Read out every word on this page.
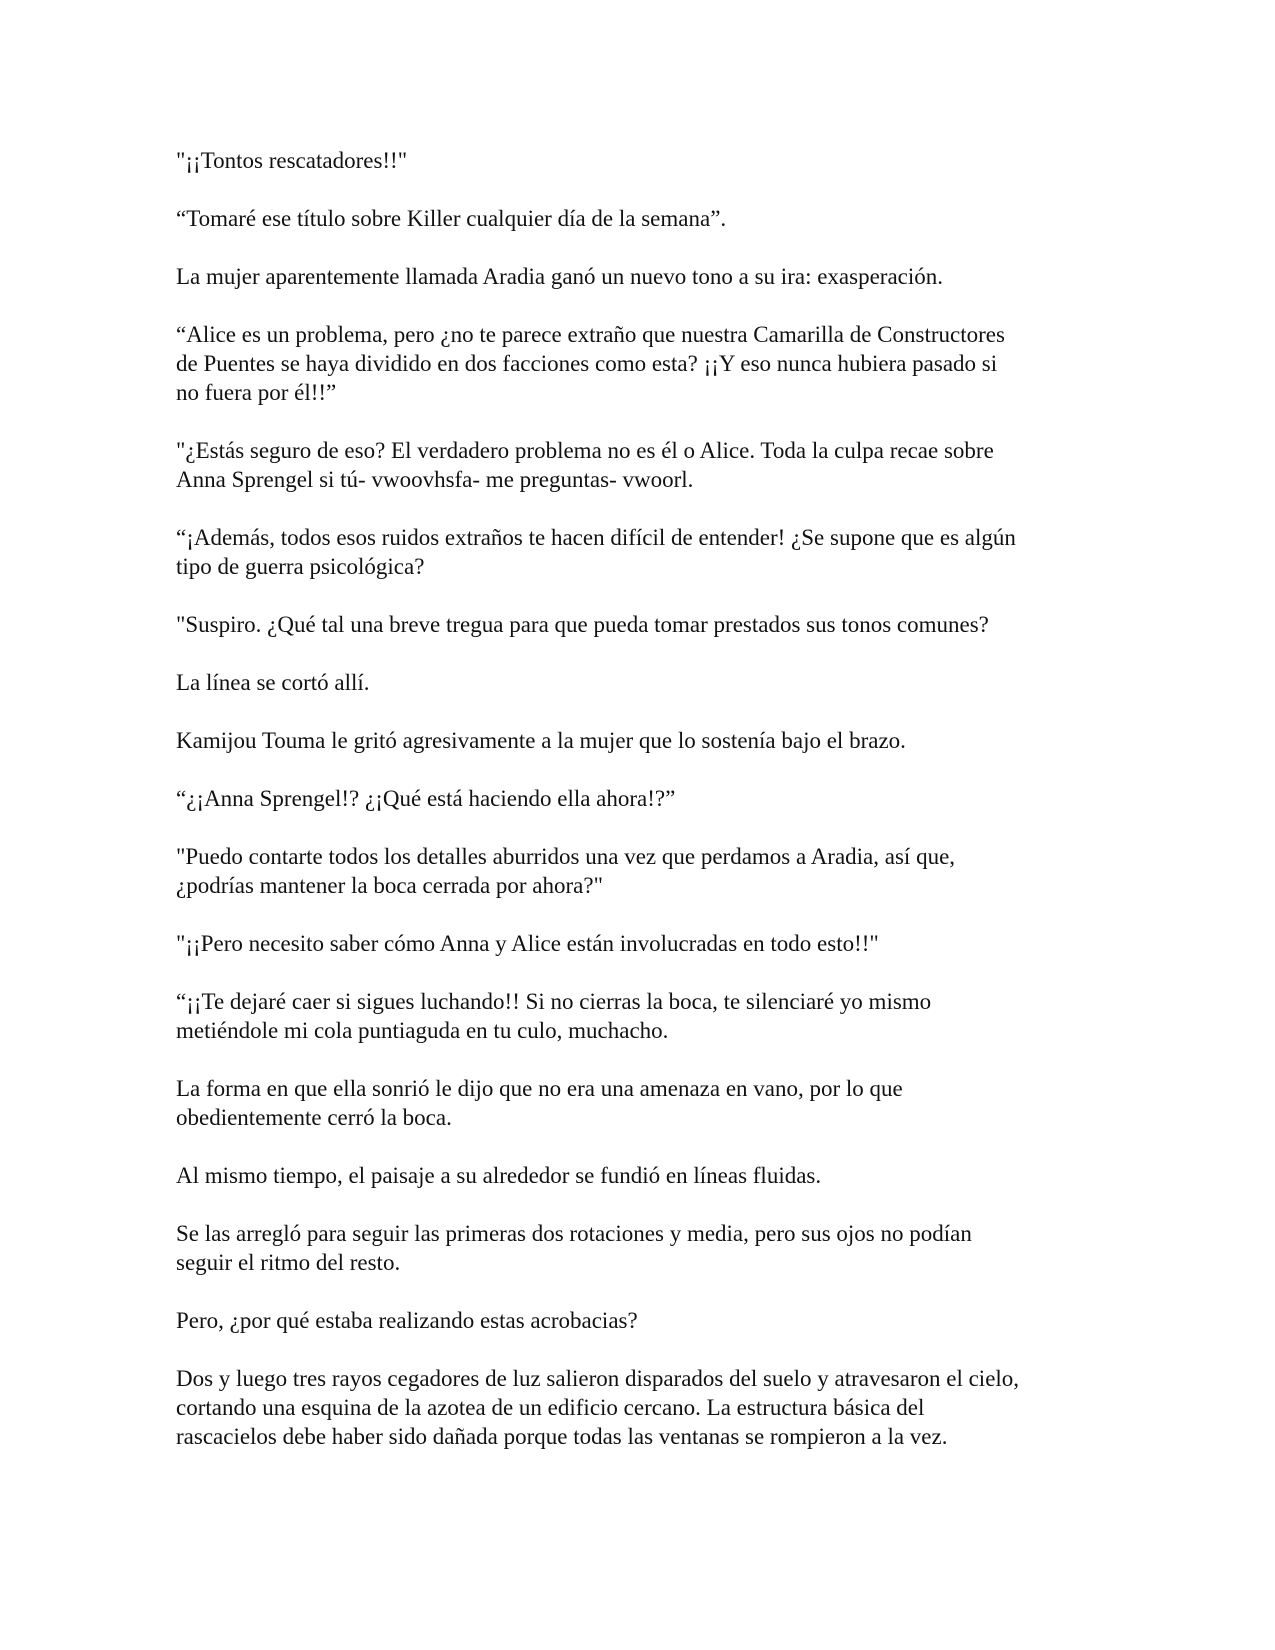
"¡¡Tontos rescatadores!!"

“Tomaré ese título sobre Killer cualquier día de la semana”.

La mujer aparentemente llamada Aradia ganó un nuevo tono a su ira: exasperación.

“Alice es un problema, pero ¿no te parece extraño que nuestra Camarilla de Constructores
de Puentes se haya dividido en dos facciones como esta? ¡¡Y eso nunca hubiera pasado si
no fuera por él!!”

"¿Estás seguro de eso? El verdadero problema no es él o Alice. Toda la culpa recae sobre
Anna Sprengel si tú- vwoovhsfa- me preguntas- vwoorl.

“¡Además, todos esos ruidos extraños te hacen difícil de entender! ¿Se supone que es algún
tipo de guerra psicológica?

"Suspiro. ¿Qué tal una breve tregua para que pueda tomar prestados sus tonos comunes?

La línea se cortó allí.

Kamijou Touma le gritó agresivamente a la mujer que lo sostenía bajo el brazo.

“¿¡Anna Sprengel!? ¿¡Qué está haciendo ella ahora!?”

"Puedo contarte todos los detalles aburridos una vez que perdamos a Aradia, así que,
¿podrías mantener la boca cerrada por ahora?"

"¡¡Pero necesito saber cómo Anna y Alice están involucradas en todo esto!!"

“¡¡Te dejaré caer si sigues luchando!! Si no cierras la boca, te silenciaré yo mismo
metiéndole mi cola puntiaguda en tu culo, muchacho.

La forma en que ella sonrió le dijo que no era una amenaza en vano, por lo que
obedientemente cerró la boca.

Al mismo tiempo, el paisaje a su alrededor se fundió en líneas fluidas.

Se las arregló para seguir las primeras dos rotaciones y media, pero sus ojos no podían
seguir el ritmo del resto.

Pero, ¿por qué estaba realizando estas acrobacias?

Dos y luego tres rayos cegadores de luz salieron disparados del suelo y atravesaron el cielo,
cortando una esquina de la azotea de un edificio cercano. La estructura básica del
rascacielos debe haber sido dañada porque todas las ventanas se rompieron a la vez.
